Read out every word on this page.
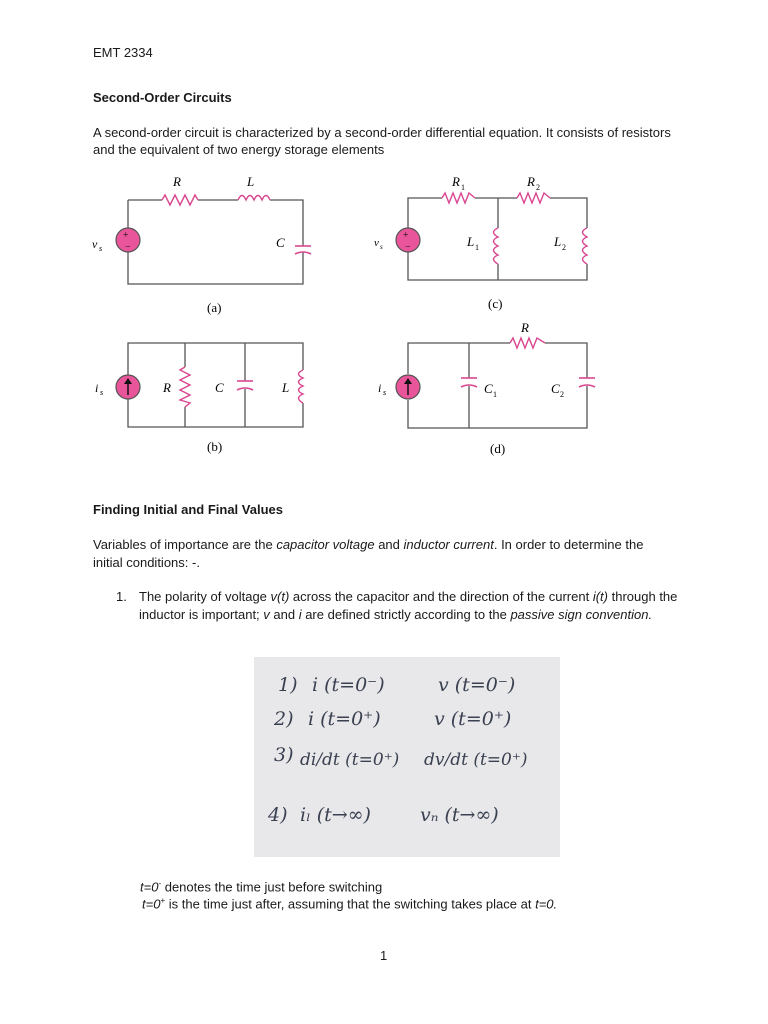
EMT 2334
Second-Order Circuits
A second-order circuit is characterized by a second-order differential equation. It consists of resistors and the equivalent of two energy storage elements
+
−
R	L
C
v s
(a)
+
−
R 1	R 2
L 1	L 2
v s
(c)
R	C	L
i s
(b)
R
C 1	C 2
i s
(d)
Finding Initial and Final Values
Variables of importance are the capacitor voltage and inductor current. In order to determine the initial conditions: -.
1. The polarity of voltage v(t) across the capacitor and the direction of the current i(t) through the inductor is important; v and i are defined strictly according to the passive sign convention.
1) i (t=0⁻)	v (t=0⁻)
2) i (t=0⁺)	v (t=0⁺)
3) di/dt (t=0⁺) dv/dt (t=0⁺)
4) iₗ (t→∞)	vₙ (t→∞)
t=0- denotes the time just before switching
t=0+ is the time just after, assuming that the switching takes place at t=0.
1
